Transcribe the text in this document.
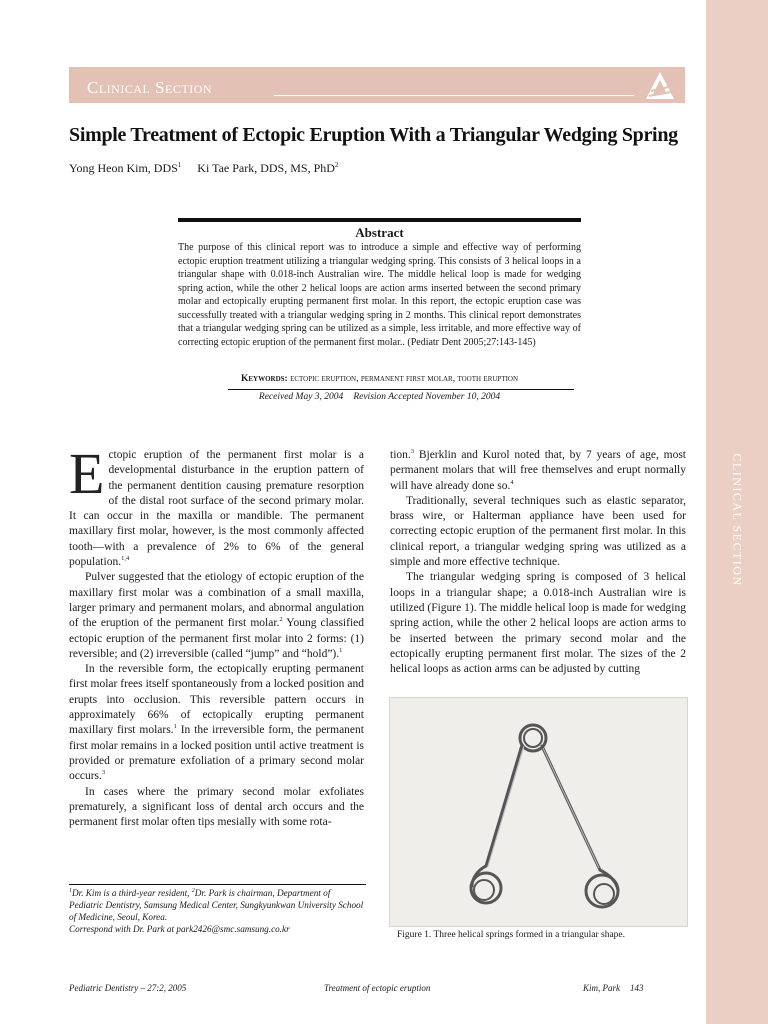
CLINICAL SECTION
Clinical Section
Simple Treatment of Ectopic Eruption With a Triangular Wedging Spring
Yong Heon Kim, DDS$^1$ Ki Tae Park, DDS, MS, PhD$^2$
Abstract

The purpose of this clinical report was to introduce a simple and effective way of performing ectopic eruption treatment utilizing a triangular wedging spring. This consists of 3 helical loops in a triangular shape with 0.018-inch Australian wire. The middle helical loop is made for wedging spring action, while the other 2 helical loops are action arms inserted between the second primary molar and ectopically erupting permanent first molar. In this report, the ectopic eruption case was successfully treated with a triangular wedging spring in 2 months. This clinical report demonstrates that a triangular wedging spring can be utilized as a simple, less irritable, and more effective way of correcting ectopic eruption of the permanent first molar.. (Pediatr Dent 2005;27:143-145)

Keywords: ectopic eruption, permanent first molar, tooth eruption
Received May 3, 2004 Revision Accepted November 10, 2004

Ectopic eruption of the permanent first molar is a developmental disturbance in the eruption pattern of the permanent dentition causing premature resorption of the distal root surface of the second primary molar. It can occur in the maxilla or mandible. The permanent maxillary first molar, however, is the most commonly affected tooth—with a prevalence of 2% to 6% of the general population.$^{1,4}$

Pulver suggested that the etiology of ectopic eruption of the maxillary first molar was a combination of a small maxilla, larger primary and permanent molars, and abnormal angulation of the eruption of the permanent first molar.$^2$ Young classified ectopic eruption of the permanent first molar into 2 forms: (1) reversible; and (2) irreversible (called “jump” and “hold”).$^1$

In the reversible form, the ectopically erupting permanent first molar frees itself spontaneously from a locked position and erupts into occlusion. This reversible pattern occurs in approximately 66% of ectopically erupting permanent maxillary first molars.$^1$ In the irreversible form, the permanent first molar remains in a locked position until active treatment is provided or premature exfoliation of a primary second molar occurs.$^3$

In cases where the primary second molar exfoliates prematurely, a significant loss of dental arch occurs and the permanent first molar often tips mesially with some rota-

tion.$^3$ Bjerklin and Kurol noted that, by 7 years of age, most permanent molars that will free themselves and erupt normally will have already done so.$^4$

Traditionally, several techniques such as elastic separator, brass wire, or Halterman appliance have been used for correcting ectopic eruption of the permanent first molar. In this clinical report, a triangular wedging spring was utilized as a simple and more effective technique.

The triangular wedging spring is composed of 3 helical loops in a triangular shape; a 0.018-inch Australian wire is utilized (Figure 1). The middle helical loop is made for wedging spring action, while the other 2 helical loops are action arms to be inserted between the primary second molar and the ectopically erupting permanent first molar. The sizes of the 2 helical loops as action arms can be adjusted by cutting

$^1$Dr. Kim is a third-year resident, $^2$Dr. Park is chairman, Department of Pediatric Dentistry, Samsung Medical Center, Sungkyunkwan University School of Medicine, Seoul, Korea.
Correspond with Dr. Park at park2426@smc.samsung.co.kr

Figure 1. Three helical springs formed in a triangular shape.
Pediatric Dentistry – 27:2, 2005	Treatment of ectopic eruption	Kim, Park 143
